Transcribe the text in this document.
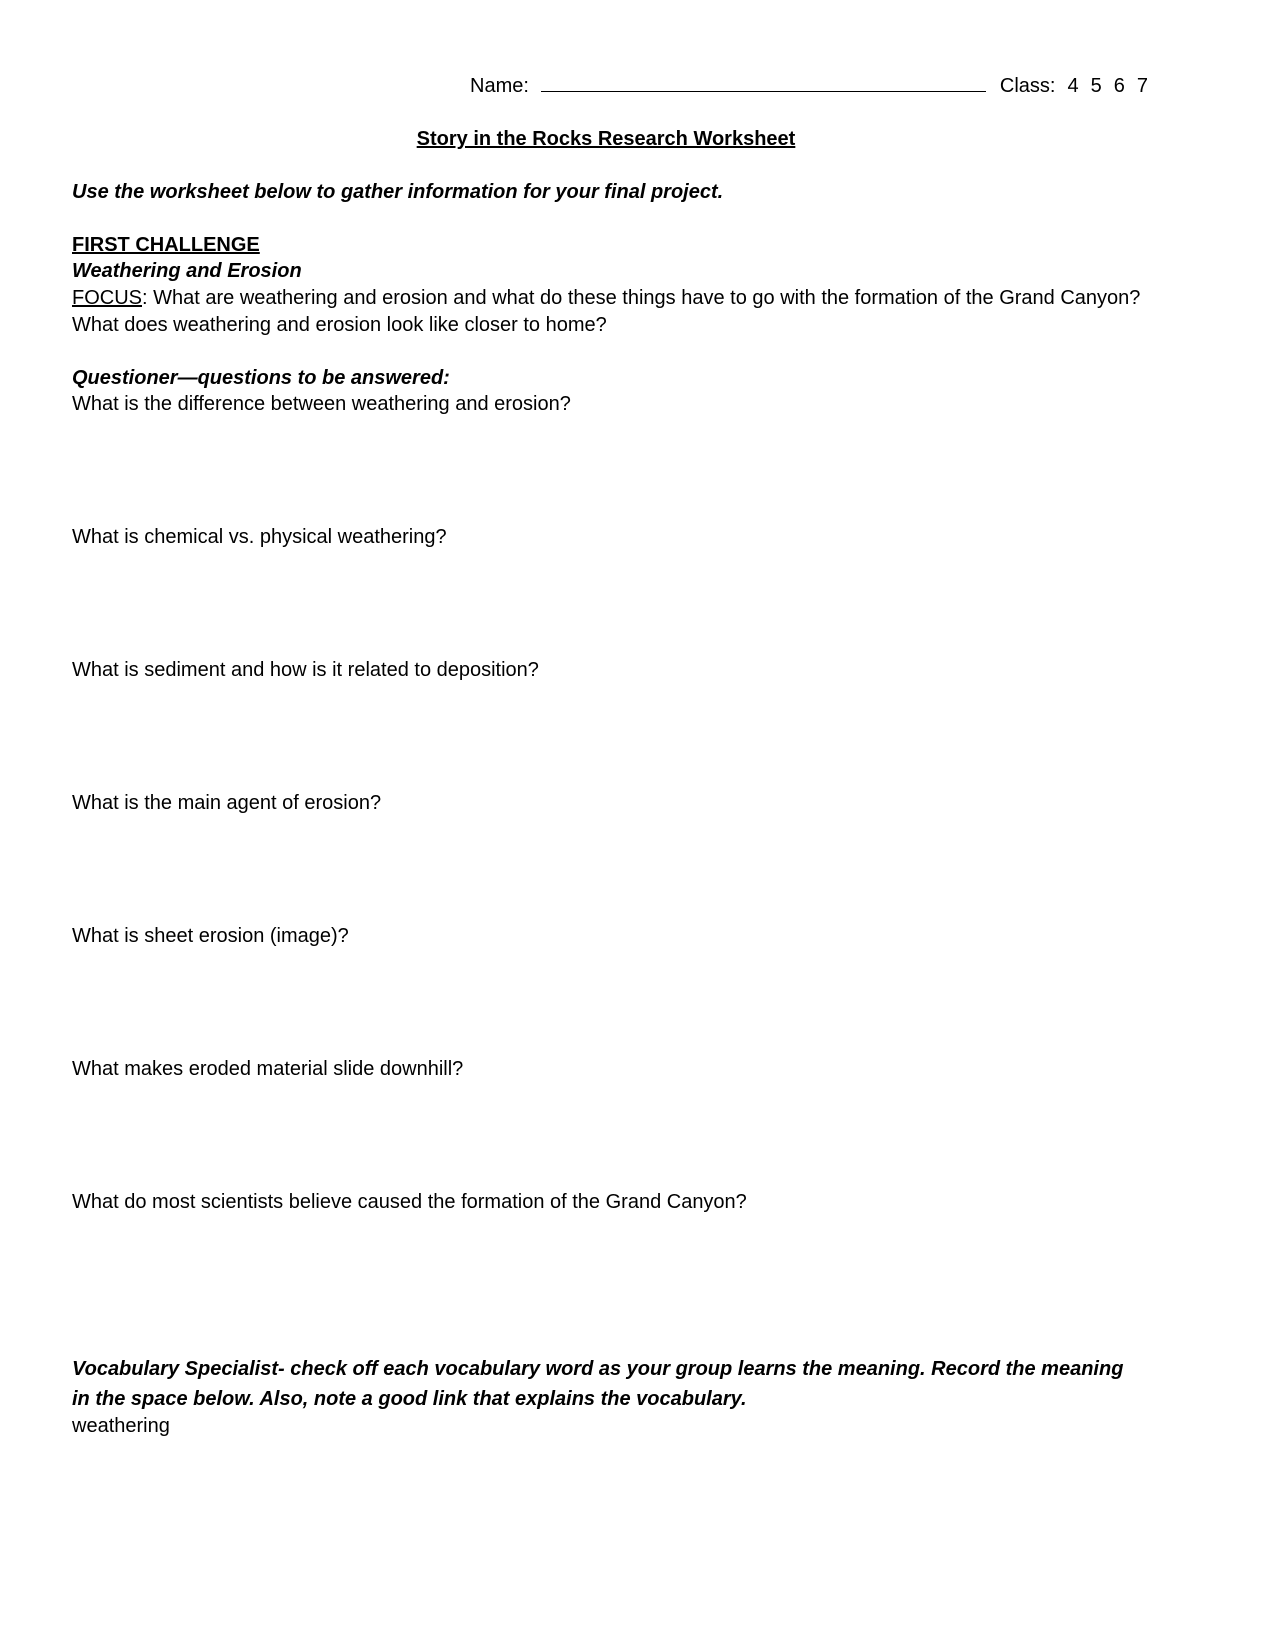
Name:	Class: 4 5 6 7
Story in the Rocks Research Worksheet
Use the worksheet below to gather information for your final project.
FIRST CHALLENGE
Weathering and Erosion
FOCUS: What are weathering and erosion and what do these things have to go with the formation of the Grand Canyon? What does weathering and erosion look like closer to home?
Questioner—questions to be answered:
What is the difference between weathering and erosion?
What is chemical vs. physical weathering?
What is sediment and how is it related to deposition?
What is the main agent of erosion?
What is sheet erosion (image)?
What makes eroded material slide downhill?
What do most scientists believe caused the formation of the Grand Canyon?
Vocabulary Specialist- check off each vocabulary word as your group learns the meaning. Record the meaning in the space below. Also, note a good link that explains the vocabulary.
weathering
